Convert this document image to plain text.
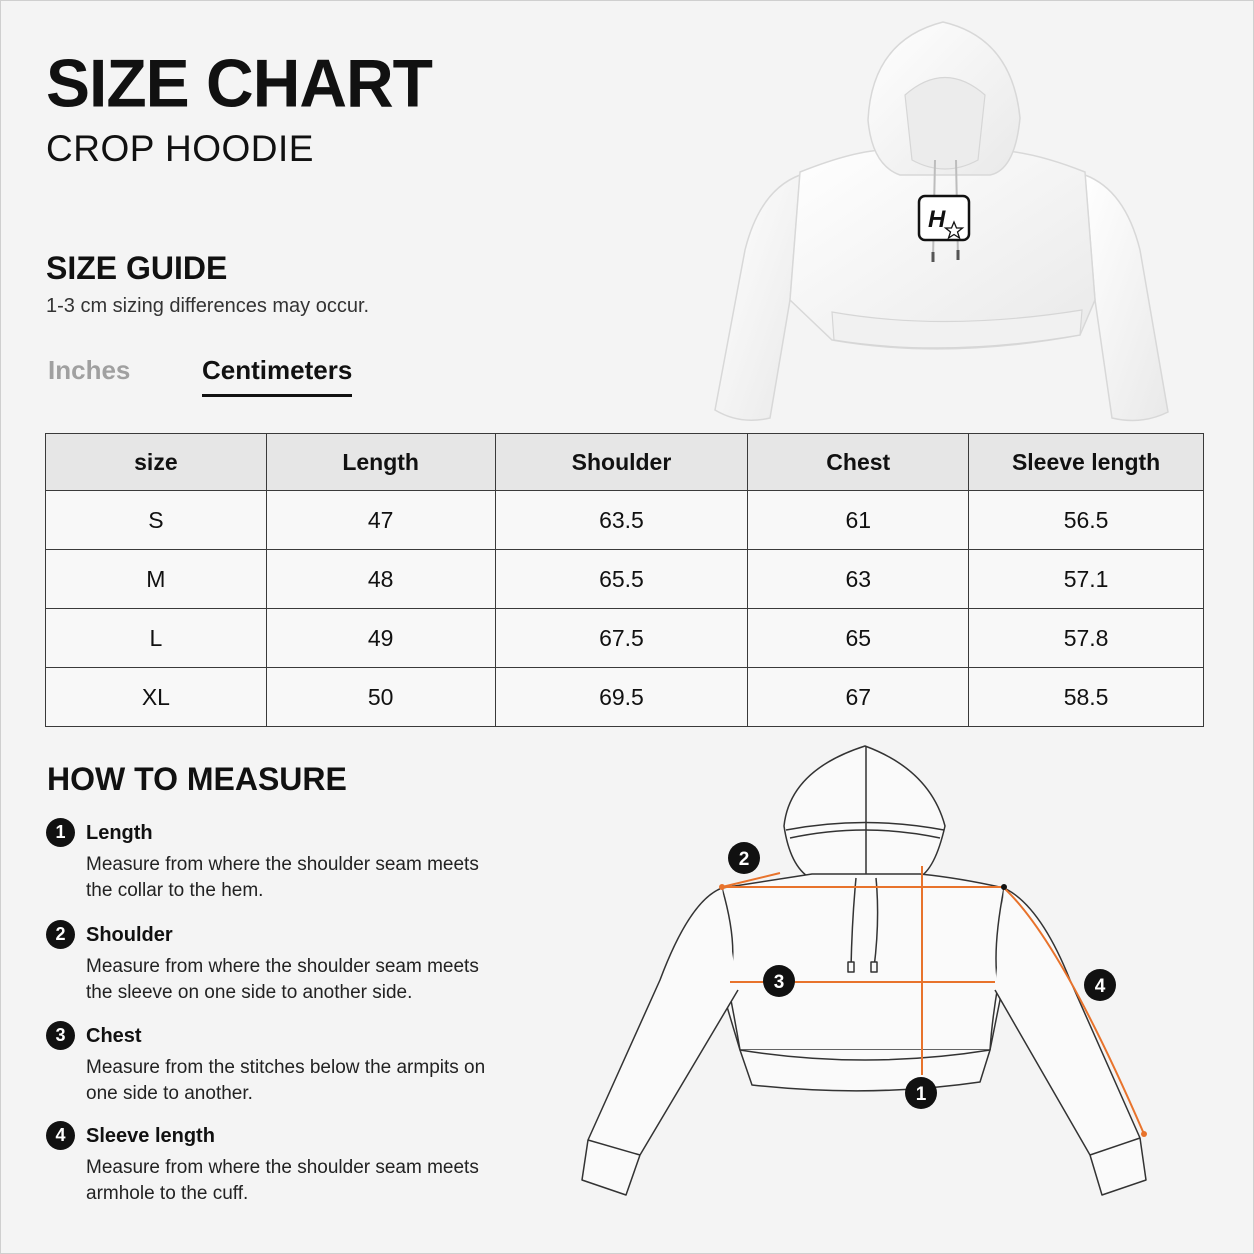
SIZE CHART
CROP HOODIE
SIZE GUIDE
1-3 cm sizing differences may occur.
Inches	Centimeters
size	Length	Shoulder	Chest	Sleeve length
S	47	63.5	61	56.5
M	48	65.5	63	57.1
L	49	67.5	65	57.8
XL	50	69.5	67	58.5
HOW TO MEASURE
1	Length
Measure from where the shoulder seam meets the collar to the hem.
2	Shoulder
Measure from where the shoulder seam meets the sleeve on one side to another side.
3	Chest
Measure from the stitches below the armpits on one side to another.
4	Sleeve length
Measure from where the shoulder seam meets armhole to the cuff.
H
1
2
3	4
